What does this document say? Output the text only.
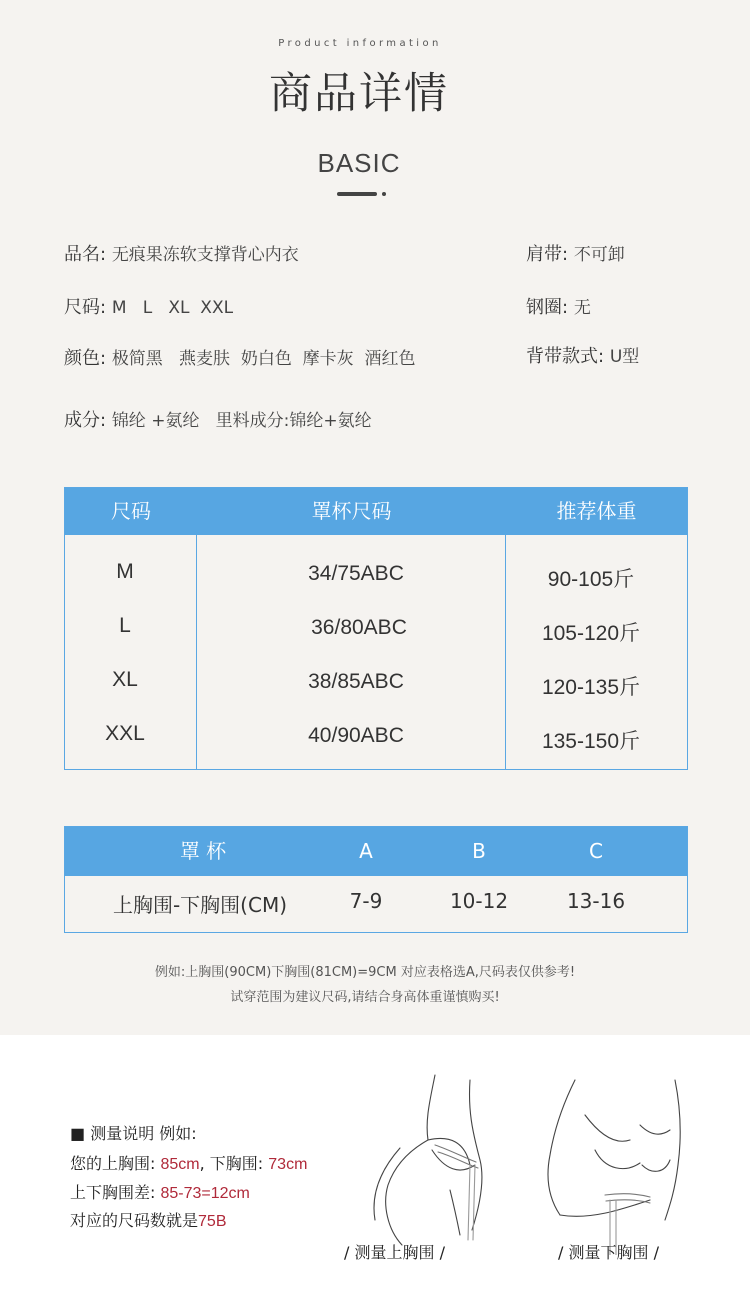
Product information
商品详情
BASIC
品名: 无痕果冻软支撑背心内衣
尺码: M   L   XL  XXL
颜色: 极简黑   燕麦肤  奶白色  摩卡灰  酒红色
成分: 锦纶 +氨纶   里料成分:锦纶+氨纶
肩带: 不可卸
钢圈: 无
背带款式: U型
尺码	罩杯尺码	推荐体重
M	34/75ABC	90-105斤
L	36/80ABC	105-120斤
XL	38/85ABC	120-135斤
XXL	40/90ABC	135-150斤
罩 杯	A	B	C
上胸围-下胸围(CM)	7-9	10-12	13-16
例如:上胸围(90CM)下胸围(81CM)=9CM 对应表格选A,尺码表仅供参考!
试穿范围为建议尺码,请结合身高体重谨慎购买!
■ 测量说明 例如:
您的上胸围: 85cm, 下胸围: 73cm
上下胸围差: 85-73=12cm
对应的尺码数就是75B
/ 测量上胸围 /	/ 测量下胸围 /
